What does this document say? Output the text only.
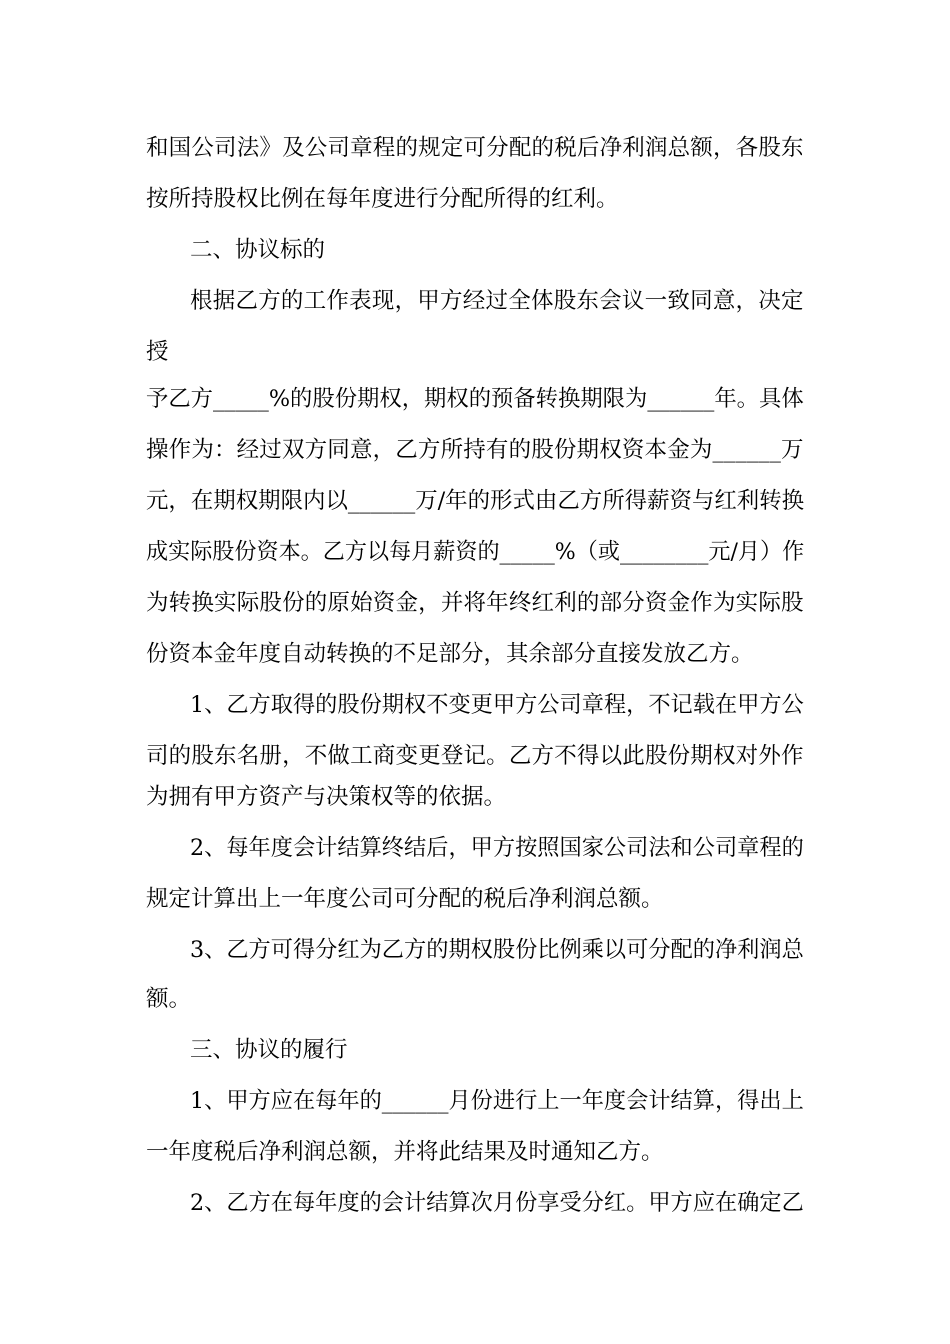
和国公司法》及公司章程的规定可分配的税后净利润总额，各股东
按所持股权比例在每年度进行分配所得的红利。
二、协议标的
根据乙方的工作表现，甲方经过全体股东会议一致同意，决定
授
予乙方_____%的股份期权，期权的预备转换期限为______年。具体
操作为：经过双方同意，乙方所持有的股份期权资本金为______万
元，在期权期限内以______万/年的形式由乙方所得薪资与红利转换
成实际股份资本。乙方以每月薪资的_____%（或________元/月）作
为转换实际股份的原始资金，并将年终红利的部分资金作为实际股
份资本金年度自动转换的不足部分，其余部分直接发放乙方。
1、乙方取得的股份期权不变更甲方公司章程，不记载在甲方公
司的股东名册，不做工商变更登记。乙方不得以此股份期权对外作
为拥有甲方资产与决策权等的依据。
2、每年度会计结算终结后，甲方按照国家公司法和公司章程的
规定计算出上一年度公司可分配的税后净利润总额。
3、乙方可得分红为乙方的期权股份比例乘以可分配的净利润总
额。
三、协议的履行
1、甲方应在每年的______月份进行上一年度会计结算，得出上
一年度税后净利润总额，并将此结果及时通知乙方。
2、乙方在每年度的会计结算次月份享受分红。甲方应在确定乙
